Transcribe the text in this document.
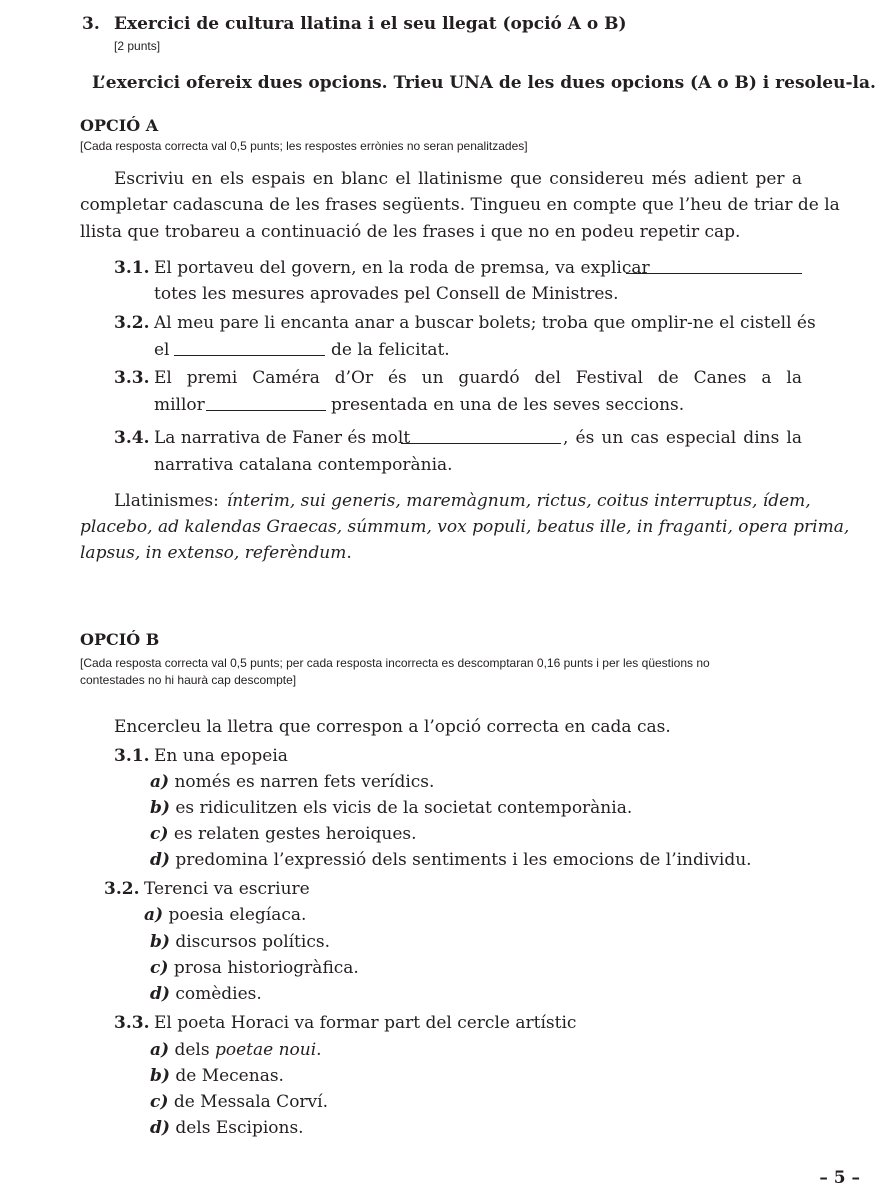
3. Exercici de cultura llatina i el seu llegat (opció A o B)
[2 punts]
L’exercici ofereix dues opcions. Trieu UNA de les dues opcions (A o B) i resoleu-la.
OPCIÓ A
[Cada resposta correcta val 0,5 punts; les respostes errònies no seran penalitzades]
Escriviu en els espais en blanc el llatinisme que considereu més adient per a
completar cadascuna de les frases següents. Tingueu en compte que l’heu de triar de la
llista que trobareu a continuació de les frases i que no en podeu repetir cap.
3.1. El portaveu del govern, en la roda de premsa, va explicar
totes les mesures aprovades pel Consell de Ministres.
3.2. Al meu pare li encanta anar a buscar bolets; troba que omplir-ne el cistell és
el	de la felicitat.
3.3. El premi Caméra d’Or és un guardó del Festival de Canes a la
millor	presentada en una de les seves seccions.
3.4. La narrativa de Faner és molt	, és un cas especial dins la
narrativa catalana contemporània.
Llatinismes: ínterim, sui generis, maremàgnum, rictus, coitus interruptus, ídem,
placebo, ad kalendas Graecas, súmmum, vox populi, beatus ille, in fraganti, opera prima,
lapsus, in extenso, referèndum.
OPCIÓ B
[Cada resposta correcta val 0,5 punts; per cada resposta incorrecta es descomptaran 0,16 punts i per les qüestions no
contestades no hi haurà cap descompte]
Encercleu la lletra que correspon a l’opció correcta en cada cas.
3.1. En una epopeia
a) només es narren fets verídics.
b) es ridiculitzen els vicis de la societat contemporània.
c) es relaten gestes heroiques.
d) predomina l’expressió dels sentiments i les emocions de l’individu.
3.2. Terenci va escriure
a) poesia elegíaca.
b) discursos polítics.
c) prosa historiogràfica.
d) comèdies.
3.3. El poeta Horaci va formar part del cercle artístic
a) dels poetae noui.
b) de Mecenas.
c) de Messala Corví.
d) dels Escipions.
– 5 –
